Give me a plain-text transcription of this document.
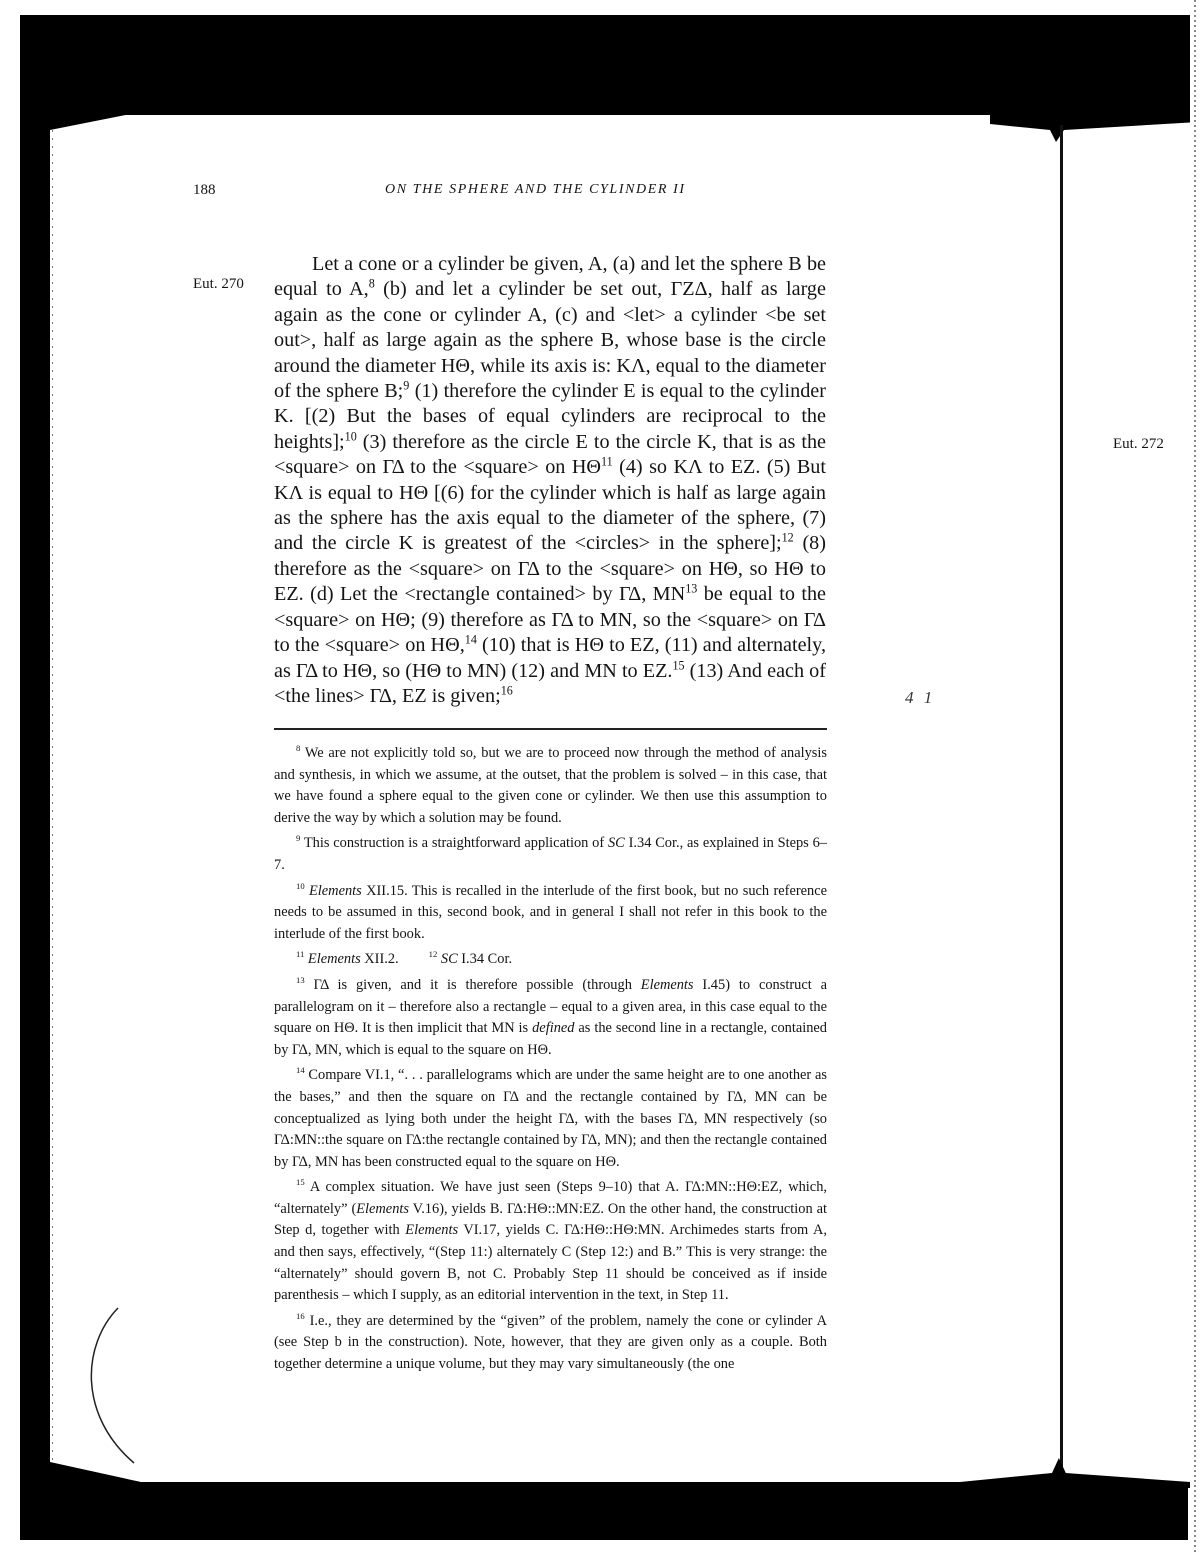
188	ON THE SPHERE AND THE CYLINDER II
Eut. 270
Eut. 272
4 1

Let a cone or a cylinder be given, A, (a) and let the sphere B be equal to A,$^8$ (b) and let a cylinder be set out, ΓZΔ, half as large again as the cone or cylinder A, (c) and <let> a cylinder <be set out>, half as large again as the sphere B, whose base is the circle around the diameter HΘ, while its axis is: KΛ, equal to the diameter of the sphere B;$^9$ (1) therefore the cylinder E is equal to the cylinder K. [(2) But the bases of equal cylinders are reciprocal to the heights];$^{10}$ (3) therefore as the circle E to the circle K, that is as the <square> on ΓΔ to the <square> on HΘ$^{11}$ (4) so KΛ to EZ. (5) But KΛ is equal to HΘ [(6) for the cylinder which is half as large again as the sphere has the axis equal to the diameter of the sphere, (7) and the circle K is greatest of the <circles> in the sphere];$^{12}$ (8) therefore as the <square> on ΓΔ to the <square> on HΘ, so HΘ to EZ. (d) Let the <rectangle contained> by ΓΔ, MN$^{13}$ be equal to the <square> on HΘ; (9) therefore as ΓΔ to MN, so the <square> on ΓΔ to the <square> on HΘ,$^{14}$ (10) that is HΘ to EZ, (11) and alternately, as ΓΔ to HΘ, so (HΘ to MN) (12) and MN to EZ.$^{15}$ (13) And each of <the lines> ΓΔ, EZ is given;$^{16}$

$^8$ We are not explicitly told so, but we are to proceed now through the method of analysis and synthesis, in which we assume, at the outset, that the problem is solved – in this case, that we have found a sphere equal to the given cone or cylinder. We then use this assumption to derive the way by which a solution may be found.

$^9$ This construction is a straightforward application of SC I.34 Cor., as explained in Steps 6–7.

$^{10}$ Elements XII.15. This is recalled in the interlude of the first book, but no such reference needs to be assumed in this, second book, and in general I shall not refer in this book to the interlude of the first book.

$^{11}$ Elements XII.2.	$^{12}$ SC I.34 Cor.

$^{13}$ ΓΔ is given, and it is therefore possible (through Elements I.45) to construct a parallelogram on it – therefore also a rectangle – equal to a given area, in this case equal to the square on HΘ. It is then implicit that MN is defined as the second line in a rectangle, contained by ΓΔ, MN, which is equal to the square on HΘ.

$^{14}$ Compare VI.1, “. . . parallelograms which are under the same height are to one another as the bases,” and then the square on ΓΔ and the rectangle contained by ΓΔ, MN can be conceptualized as lying both under the height ΓΔ, with the bases ΓΔ, MN respectively (so ΓΔ:MN::the square on ΓΔ:the rectangle contained by ΓΔ, MN); and then the rectangle contained by ΓΔ, MN has been constructed equal to the square on HΘ.

$^{15}$ A complex situation. We have just seen (Steps 9–10) that A. ΓΔ:MN::HΘ:EZ, which, “alternately” (Elements V.16), yields B. ΓΔ:HΘ::MN:EZ. On the other hand, the construction at Step d, together with Elements VI.17, yields C. ΓΔ:HΘ::HΘ:MN. Archimedes starts from A, and then says, effectively, “(Step 11:) alternately C (Step 12:) and B.” This is very strange: the “alternately” should govern B, not C. Probably Step 11 should be conceived as if inside parenthesis – which I supply, as an editorial intervention in the text, in Step 11.

$^{16}$ I.e., they are determined by the “given” of the problem, namely the cone or cylinder A (see Step b in the construction). Note, however, that they are given only as a couple. Both together determine a unique volume, but they may vary simultaneously (the one
